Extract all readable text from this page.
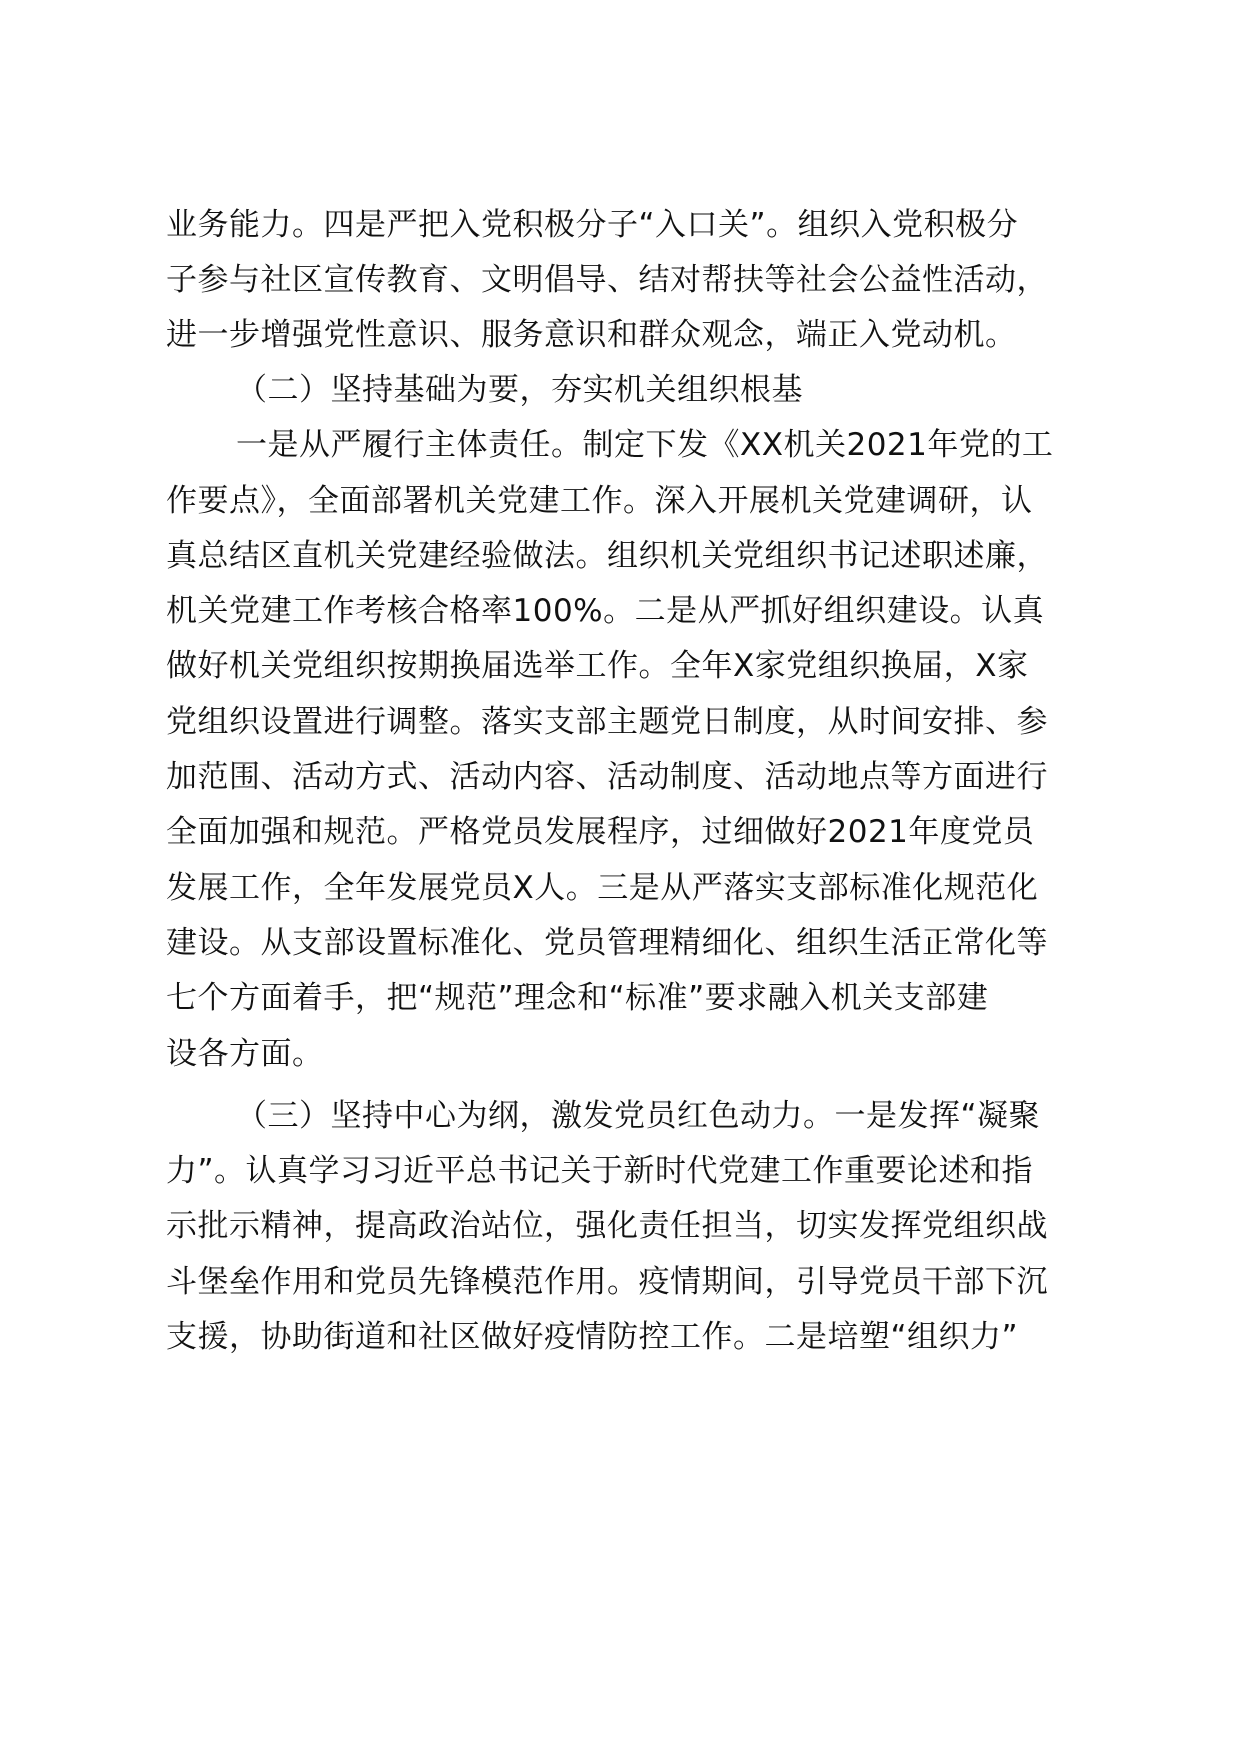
业务能力。四是严把入党积极分子“入口关”。组织入党积极分
子参与社区宣传教育、文明倡导、结对帮扶等社会公益性活动，
进一步增强党性意识、服务意识和群众观念，端正入党动机。
（二）坚持基础为要，夯实机关组织根基
一是从严履行主体责任。制定下发《XX机关2021年党的工
作要点》，全面部署机关党建工作。深入开展机关党建调研，认
真总结区直机关党建经验做法。组织机关党组织书记述职述廉，
机关党建工作考核合格率100%。二是从严抓好组织建设。认真
做好机关党组织按期换届选举工作。全年X家党组织换届，X家
党组织设置进行调整。落实支部主题党日制度，从时间安排、参
加范围、活动方式、活动内容、活动制度、活动地点等方面进行
全面加强和规范。严格党员发展程序，过细做好2021年度党员
发展工作，全年发展党员X人。三是从严落实支部标准化规范化
建设。从支部设置标准化、党员管理精细化、组织生活正常化等
七个方面着手，把“规范”理念和“标准”要求融入机关支部建
设各方面。
（三）坚持中心为纲，激发党员红色动力。一是发挥“凝聚
力”。认真学习习近平总书记关于新时代党建工作重要论述和指
示批示精神，提高政治站位，强化责任担当，切实发挥党组织战
斗堡垒作用和党员先锋模范作用。疫情期间，引导党员干部下沉
支援，协助街道和社区做好疫情防控工作。二是培塑“组织力”
